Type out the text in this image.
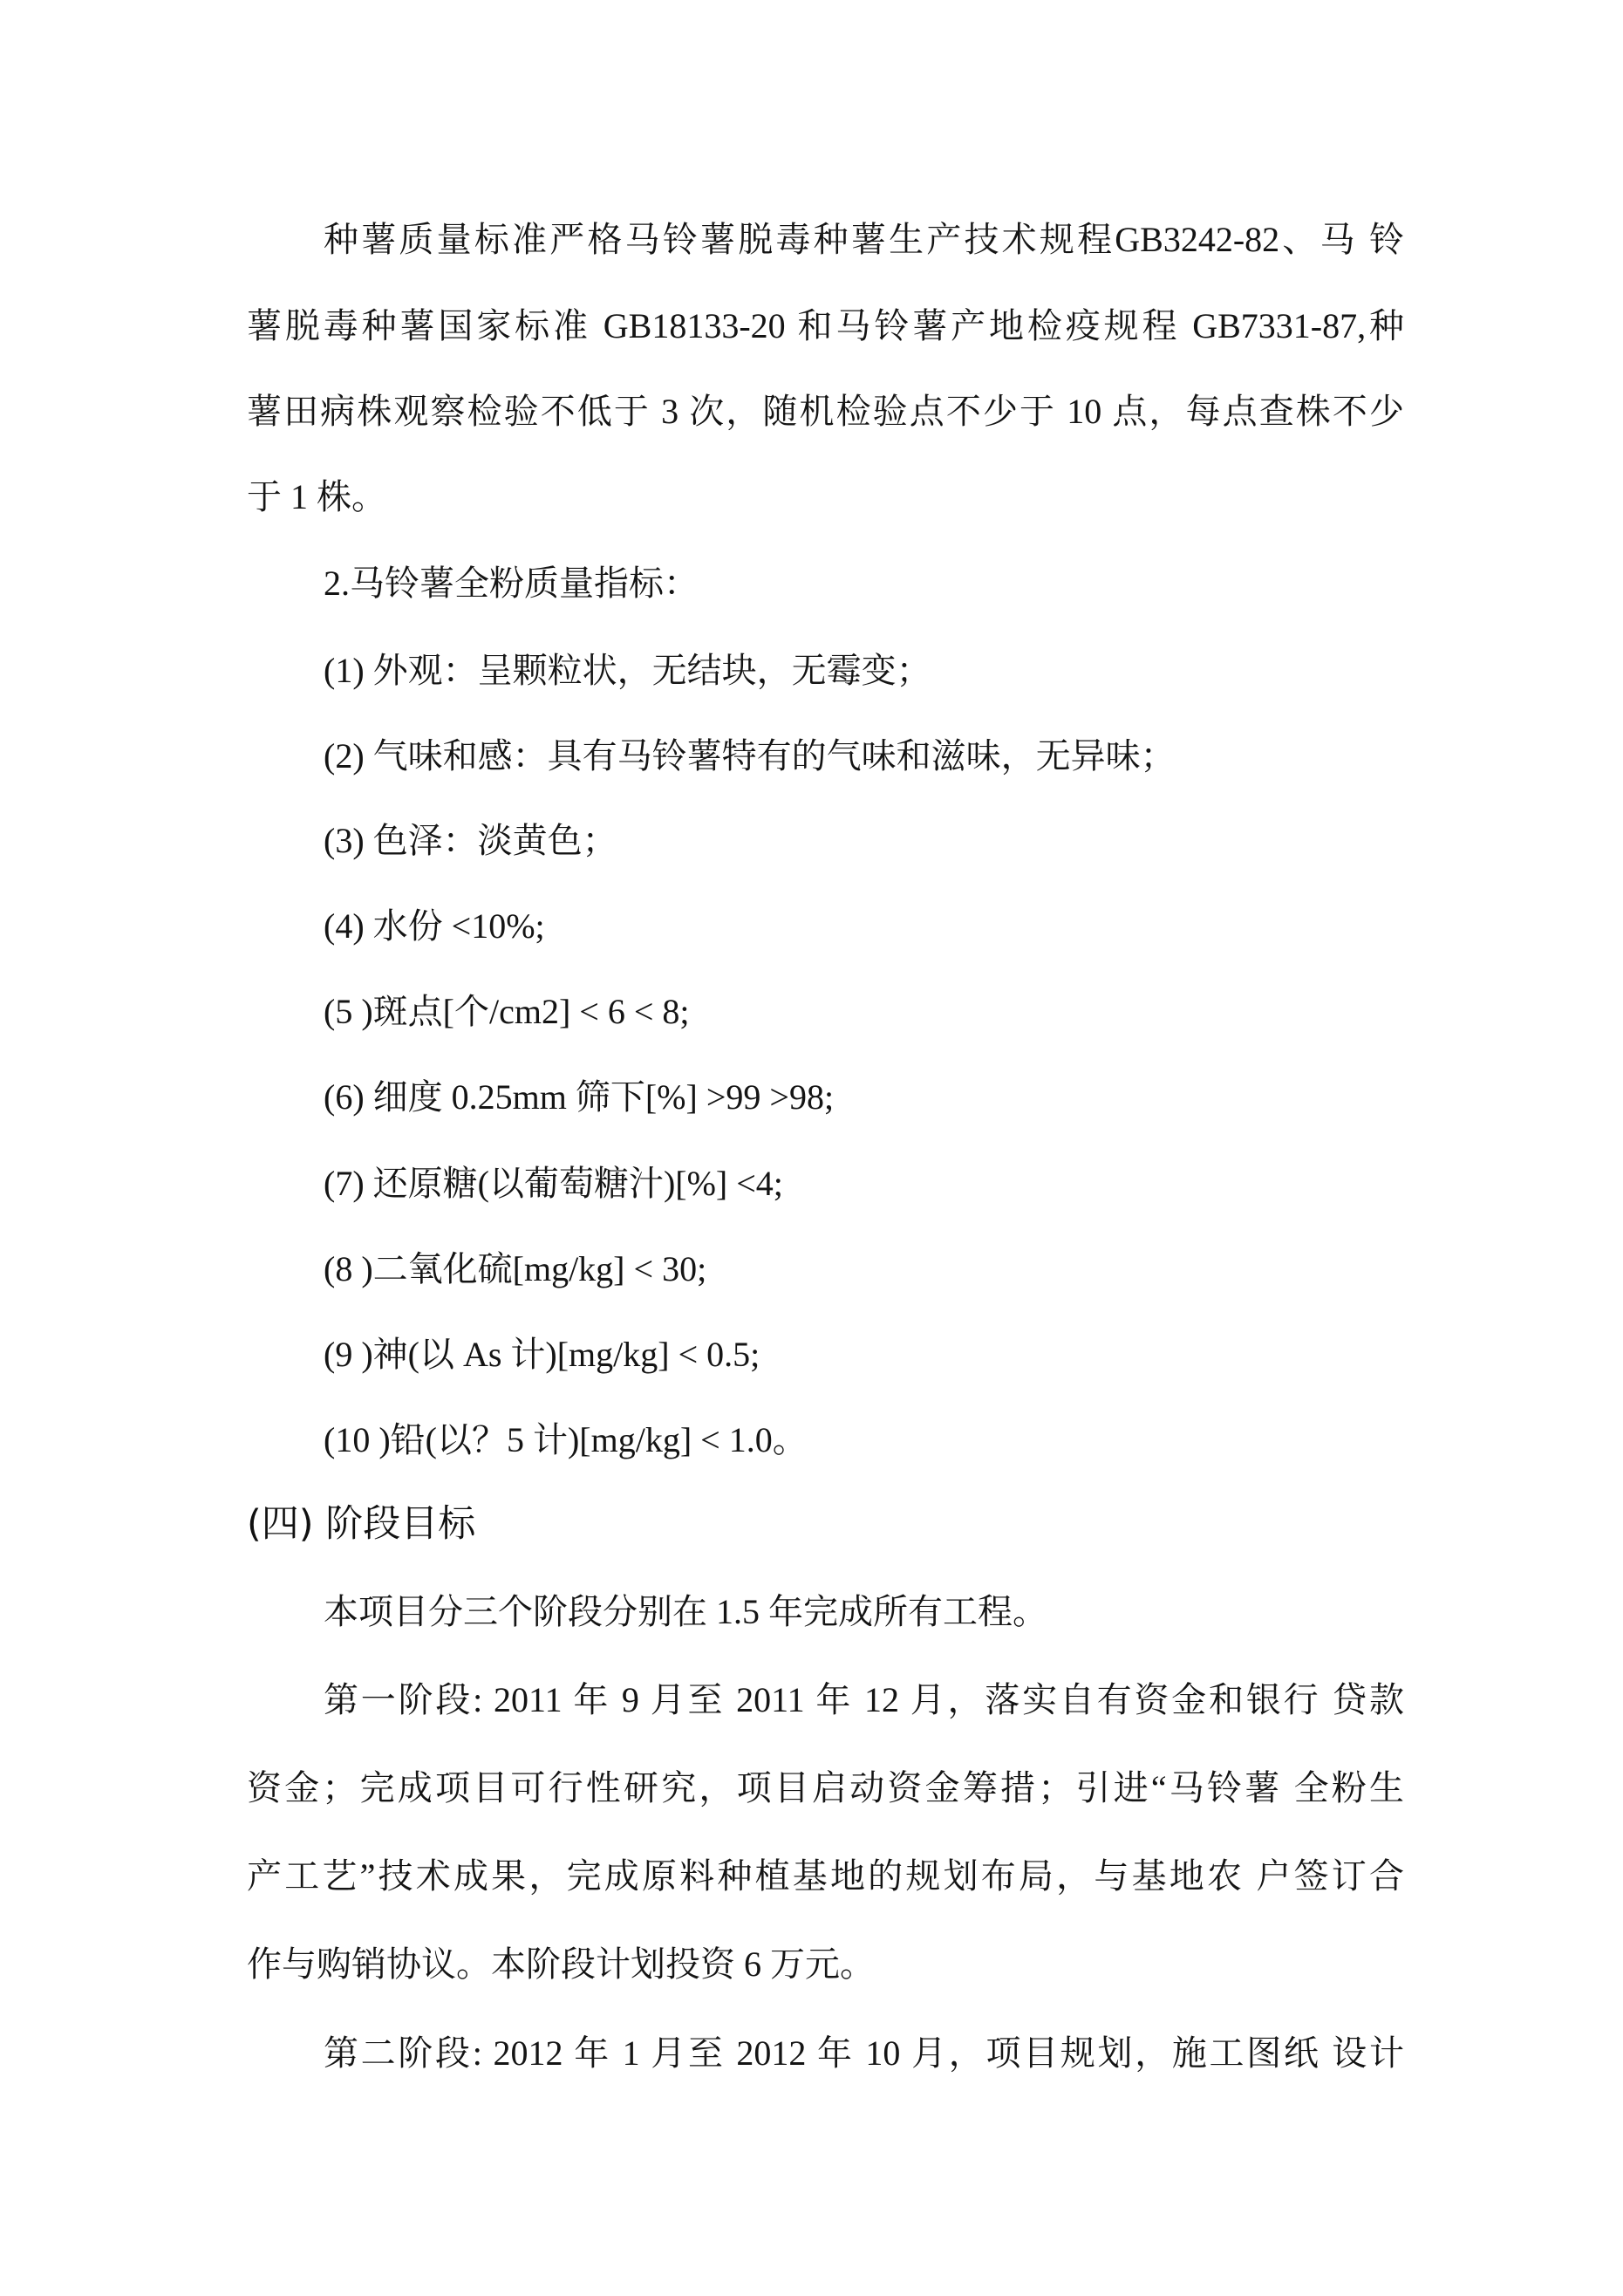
种薯质量标准严格马铃薯脱毒种薯生产技术规程GB3242-82、马 铃
薯脱毒种薯国家标准 GB18133-20 和马铃薯产地检疫规程 GB7331-87,种
薯田病株观察检验不低于 3 次，随机检验点不少于 10 点，每点查株不少
于 1 株。
2.马铃薯全粉质量指标：
(1) 外观：呈颗粒状，无结块，无霉变；
(2) 气味和感：具有马铃薯特有的气味和滋味，无异味；
(3) 色泽：淡黄色；
(4) 水份 <10%;
(5 )斑点[个/cm2] < 6 < 8;
(6) 细度 0.25mm 筛下[%] >99 >98;
(7) 还原糖(以葡萄糖汁)[%] <4;
(8 )二氧化硫[mg/kg] < 30;
(9 )神(以 As 计)[mg/kg] < 0.5;
(10 )铅(以？5 计)[mg/kg] < 1.0。
(四) 阶段目标
本项目分三个阶段分别在 1.5 年完成所有工程。
第一阶段: 2011 年 9 月至 2011 年 12 月，落实自有资金和银行 贷款
资金；完成项目可行性研究，项目启动资金筹措；引进“马铃薯 全粉生
产工艺”技术成果，完成原料种植基地的规划布局，与基地农 户签订合
作与购销协议。本阶段计划投资 6 万元。
第二阶段: 2012 年 1 月至 2012 年 10 月，项目规划，施工图纸 设计
